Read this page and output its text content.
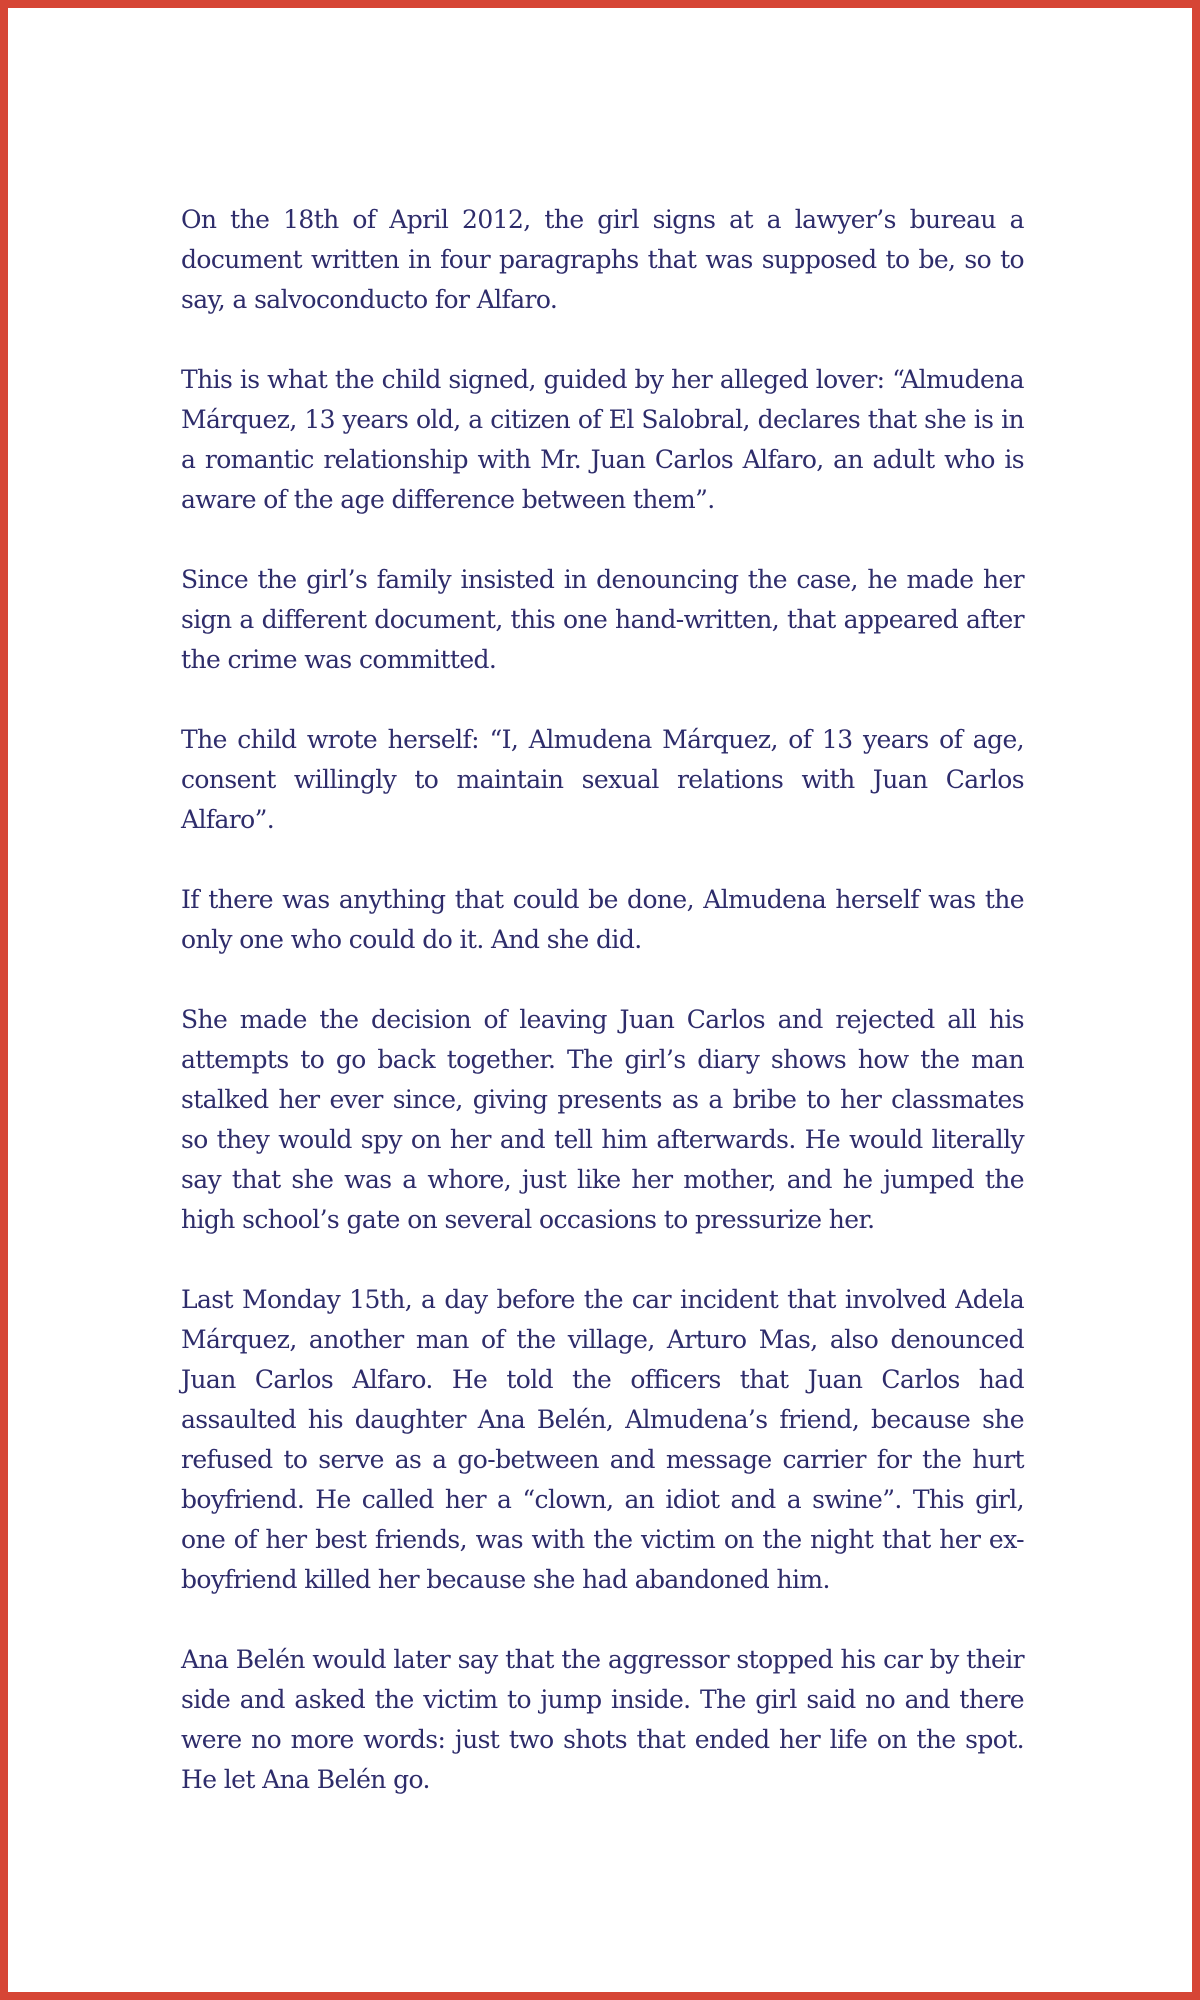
On the 18th of April 2012, the girl signs at a lawyer’s bureau a document written in four paragraphs that was supposed to be, so to say, a salvoconducto for Alfaro.

This is what the child signed, guided by her alleged lover: “Almudena Márquez, 13 years old, a citizen of El Salobral, declares that she is in a romantic relationship with Mr. Juan Carlos Alfaro, an adult who is aware of the age difference between them”.

Since the girl’s family insisted in denouncing the case, he made her sign a different document, this one hand-written, that appeared after the crime was committed.

The child wrote herself: “I, Almudena Márquez, of 13 years of age, consent willingly to maintain sexual relations with Juan Carlos Alfaro”.

If there was anything that could be done, Almudena herself was the only one who could do it. And she did.

She made the decision of leaving Juan Carlos and rejected all his attempts to go back together. The girl’s diary shows how the man stalked her ever since, giving presents as a bribe to her classmates so they would spy on her and tell him afterwards. He would literally say that she was a whore, just like her mother, and he jumped the high school’s gate on several occasions to pressurize her.

Last Monday 15th, a day before the car incident that involved Adela Márquez, another man of the village, Arturo Mas, also denounced Juan Carlos Alfaro. He told the officers that Juan Carlos had assaulted his daughter Ana Belén, Almudena’s friend, because she refused to serve as a go-between and message carrier for the hurt boyfriend. He called her a “clown, an idiot and a swine”. This girl, one of her best friends, was with the victim on the night that her ex-boyfriend killed her because she had abandoned him.

Ana Belén would later say that the aggressor stopped his car by their side and asked the victim to jump inside. The girl said no and there were no more words: just two shots that ended her life on the spot. He let Ana Belén go.
